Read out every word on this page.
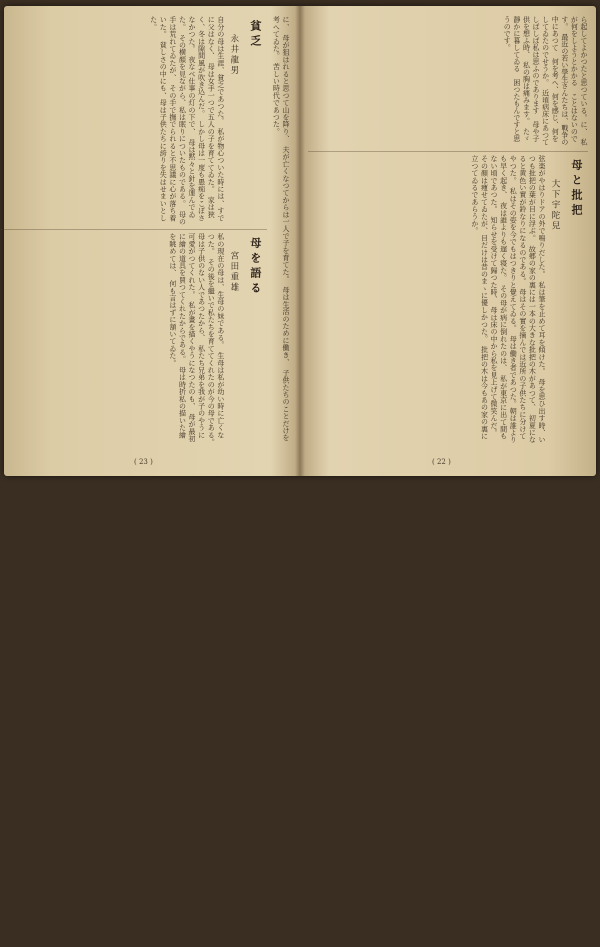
ら起してよかつたと思つている。に、　私が何をしようとかかる　ことはないのです。　最近の若い學生さんたちは、戰争の中にあつて　何を考へ、何を感じ、何をしてゐたのでせうか。　近頃病床にあつてしばしば私は思ふのであります　母や子供を想ふ時、　私の胸は痛みます。　たゞ靜かに暮してゐる　困つたもんですと思うのです。
母と批把
大下宇陀兒
弦楽がやはりドアの外で鳴りだした。　私は筆を止めて耳を傾けた。　母を思ひ出す時、いつも批把の葉が目に浮ぶ。　故郷の家の裏には一本の大きな批把の木があつて、　初夏になると黄色い實が鈴なりになるのである。　母はその實を摘んでは近所の子供たちに分けてやつた。　私はその姿を今でもはつきりと覺えてゐる。　母は働き者であつた。朝は誰よりも早く起き、　夜は誰よりも遅く寝た。　その母が病に倒れたのは、　私が東京に出て間もない頃であつた。　知らせを受けて歸つた時、　母は床の中から私を見上げて微笑んだ。　その顏は痩せてゐたが、目だけは昔のまゝに優しかつた。　批把の木は今もあの家の裏に立つてゐるであらうか。
( 22 )
に、　母が狙はれると思つて山を降り、　夫が亡くなつてからは一人で子を育てた。　母は生活のために働き、　子供たちのことだけを考へてゐた。　苦しい時代であつた。
貧乏
永井龍男
自分の母は生涯、貧乏であつた。　私が物心ついた時には、すでに父はなく、　母は女手一つで五人の子を育ててゐた。　家は狹く、冬は隙間風が吹き込んだ。　しかし母は一度も愚痴をこぼさなかつた。　夜なべ仕事の灯の下で、　母は黙々と針を運んでゐた。　その横顏を見ながら、私は眠りについたものである。　母の手は荒れてゐたが、　その手で撫でられると不思議に心が落ち着いた。　貧しさの中にも、母は子供たちに誇りを失はせまいとした。
母を語る
宮田重雄
私の現在の母は、生母の妹である。　生母は私が幼い時に亡くなつた。　その後を繼いで私たちを育ててくれたのが今の母である。　母は子供のない人であつたから、　私たち兄弟を我が子のやうに可愛がつてくれた。　私が畫を描くやうになつたのも、　母が最初に繪の道具を買つてくれたからである。　母は時折私の描いた繪を眺めては、　何も言はずに頷いてゐた。
( 23 )
